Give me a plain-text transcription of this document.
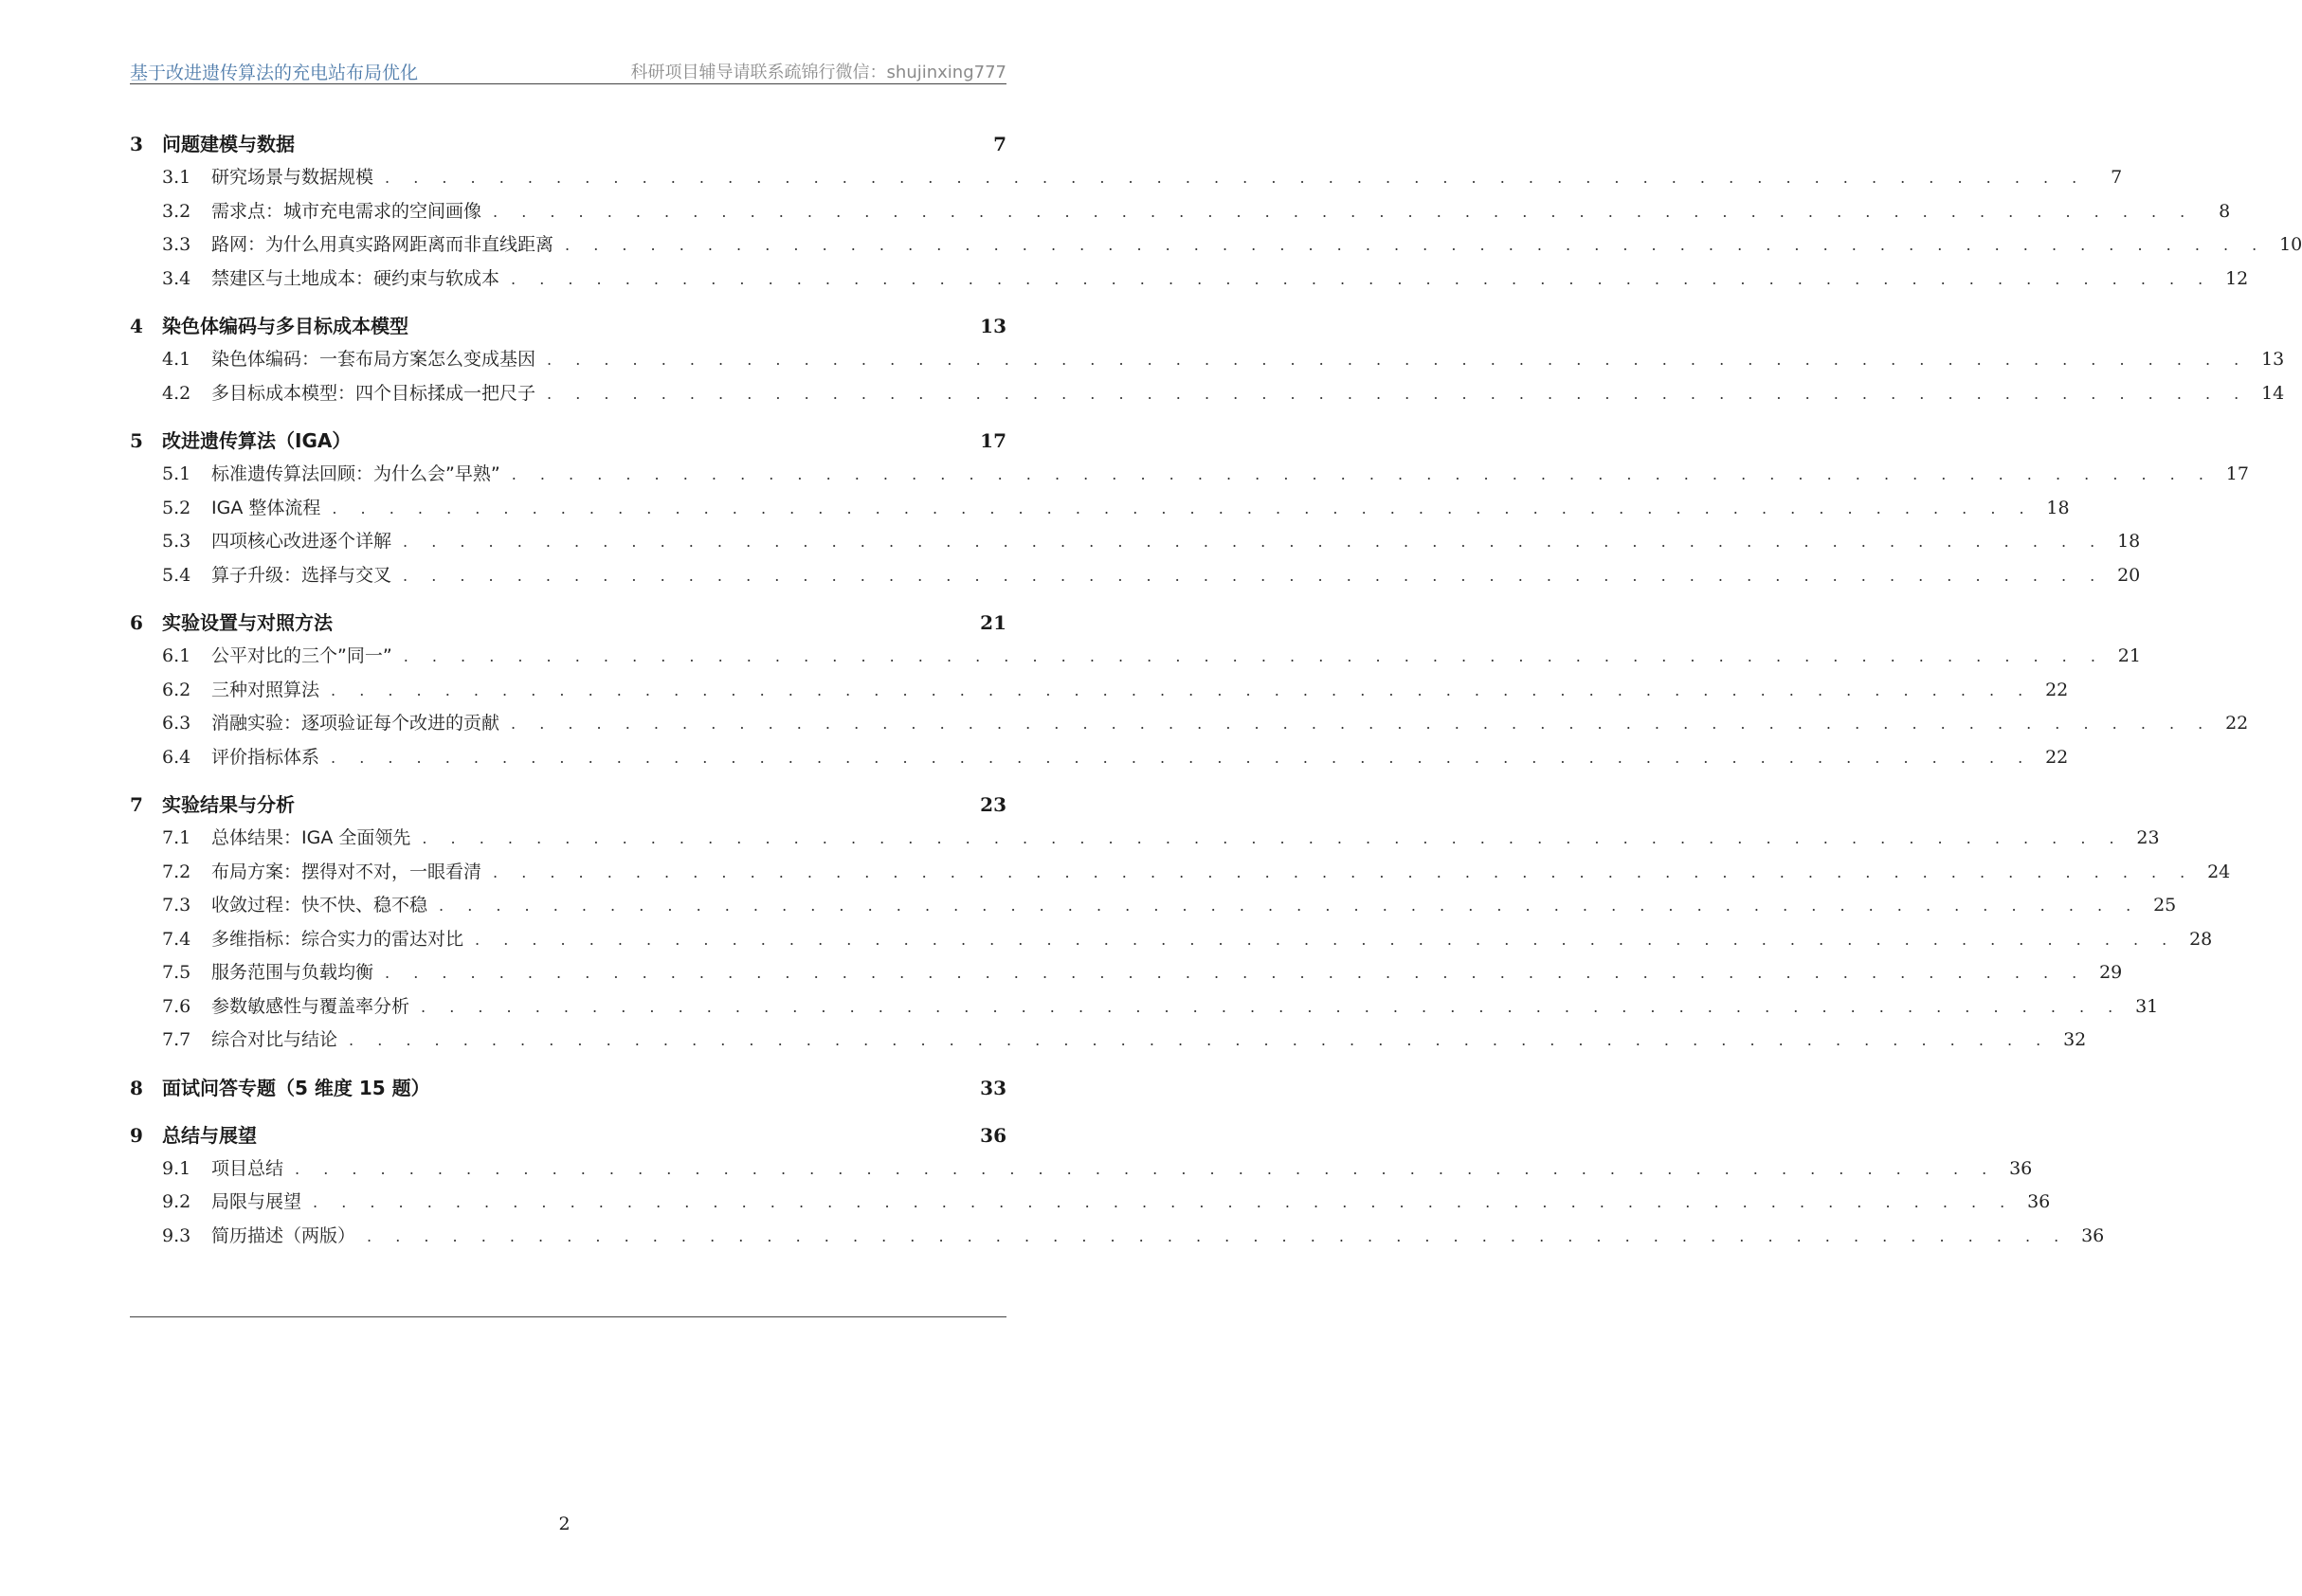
基于改进遗传算法的充电站布局优化	科研项目辅导请联系疏锦行微信：shujinxing777
3	问题建模与数据	7
3.1	研究场景与数据规模 . . . . . . . . . . . . . . . . . . . . . . . . . . . . . . . . . . . . . . . . . . . . . . . . . . . . . . . . . . . .	7
3.2	需求点：城市充电需求的空间画像 . . . . . . . . . . . . . . . . . . . . . . . . . . . . . . . . . . . . . . . . . . . . . . . . . . . . . . . . . . . .	8
3.3	路网：为什么用真实路网距离而非直线距离 . . . . . . . . . . . . . . . . . . . . . . . . . . . . . . . . . . . . . . . . . . . . . . . . . . . . . . . . . . . . 10
3.4	禁建区与土地成本：硬约束与软成本 . . . . . . . . . . . . . . . . . . . . . . . . . . . . . . . . . . . . . . . . . . . . . . . . . . . . . . . . . . . . 12
4	染色体编码与多目标成本模型	13
4.1	染色体编码：一套布局方案怎么变成基因 . . . . . . . . . . . . . . . . . . . . . . . . . . . . . . . . . . . . . . . . . . . . . . . . . . . . . . . . . . . . 13
4.2	多目标成本模型：四个目标揉成一把尺子 . . . . . . . . . . . . . . . . . . . . . . . . . . . . . . . . . . . . . . . . . . . . . . . . . . . . . . . . . . . . 14
5	改进遗传算法（IGA）	17
5.1	标准遗传算法回顾：为什么会”早熟” . . . . . . . . . . . . . . . . . . . . . . . . . . . . . . . . . . . . . . . . . . . . . . . . . . . . . . . . . . . . 17
5.2	IGA 整体流程 . . . . . . . . . . . . . . . . . . . . . . . . . . . . . . . . . . . . . . . . . . . . . . . . . . . . . . . . . . . . 18
5.3	四项核心改进逐个详解 . . . . . . . . . . . . . . . . . . . . . . . . . . . . . . . . . . . . . . . . . . . . . . . . . . . . . . . . . . . . 18
5.4	算子升级：选择与交叉 . . . . . . . . . . . . . . . . . . . . . . . . . . . . . . . . . . . . . . . . . . . . . . . . . . . . . . . . . . . . 20
6	实验设置与对照方法	21
6.1	公平对比的三个”同一” . . . . . . . . . . . . . . . . . . . . . . . . . . . . . . . . . . . . . . . . . . . . . . . . . . . . . . . . . . . . 21
6.2	三种对照算法 . . . . . . . . . . . . . . . . . . . . . . . . . . . . . . . . . . . . . . . . . . . . . . . . . . . . . . . . . . . . 22
6.3	消融实验：逐项验证每个改进的贡献 . . . . . . . . . . . . . . . . . . . . . . . . . . . . . . . . . . . . . . . . . . . . . . . . . . . . . . . . . . . . 22
6.4	评价指标体系 . . . . . . . . . . . . . . . . . . . . . . . . . . . . . . . . . . . . . . . . . . . . . . . . . . . . . . . . . . . . 22
7	实验结果与分析	23
7.1	总体结果：IGA 全面领先 . . . . . . . . . . . . . . . . . . . . . . . . . . . . . . . . . . . . . . . . . . . . . . . . . . . . . . . . . . . . 23
7.2	布局方案：摆得对不对，一眼看清 . . . . . . . . . . . . . . . . . . . . . . . . . . . . . . . . . . . . . . . . . . . . . . . . . . . . . . . . . . . . 24
7.3	收敛过程：快不快、稳不稳 . . . . . . . . . . . . . . . . . . . . . . . . . . . . . . . . . . . . . . . . . . . . . . . . . . . . . . . . . . . . 25
7.4	多维指标：综合实力的雷达对比 . . . . . . . . . . . . . . . . . . . . . . . . . . . . . . . . . . . . . . . . . . . . . . . . . . . . . . . . . . . . 28
7.5	服务范围与负载均衡 . . . . . . . . . . . . . . . . . . . . . . . . . . . . . . . . . . . . . . . . . . . . . . . . . . . . . . . . . . . . 29
7.6	参数敏感性与覆盖率分析 . . . . . . . . . . . . . . . . . . . . . . . . . . . . . . . . . . . . . . . . . . . . . . . . . . . . . . . . . . . . 31
7.7	综合对比与结论 . . . . . . . . . . . . . . . . . . . . . . . . . . . . . . . . . . . . . . . . . . . . . . . . . . . . . . . . . . . . 32
8	面试问答专题（5 维度 15 题）	33
9	总结与展望	36
9.1	项目总结 . . . . . . . . . . . . . . . . . . . . . . . . . . . . . . . . . . . . . . . . . . . . . . . . . . . . . . . . . . . . 36
9.2	局限与展望 . . . . . . . . . . . . . . . . . . . . . . . . . . . . . . . . . . . . . . . . . . . . . . . . . . . . . . . . . . . . 36
9.3	简历描述（两版） . . . . . . . . . . . . . . . . . . . . . . . . . . . . . . . . . . . . . . . . . . . . . . . . . . . . . . . . . . . . 36
2
